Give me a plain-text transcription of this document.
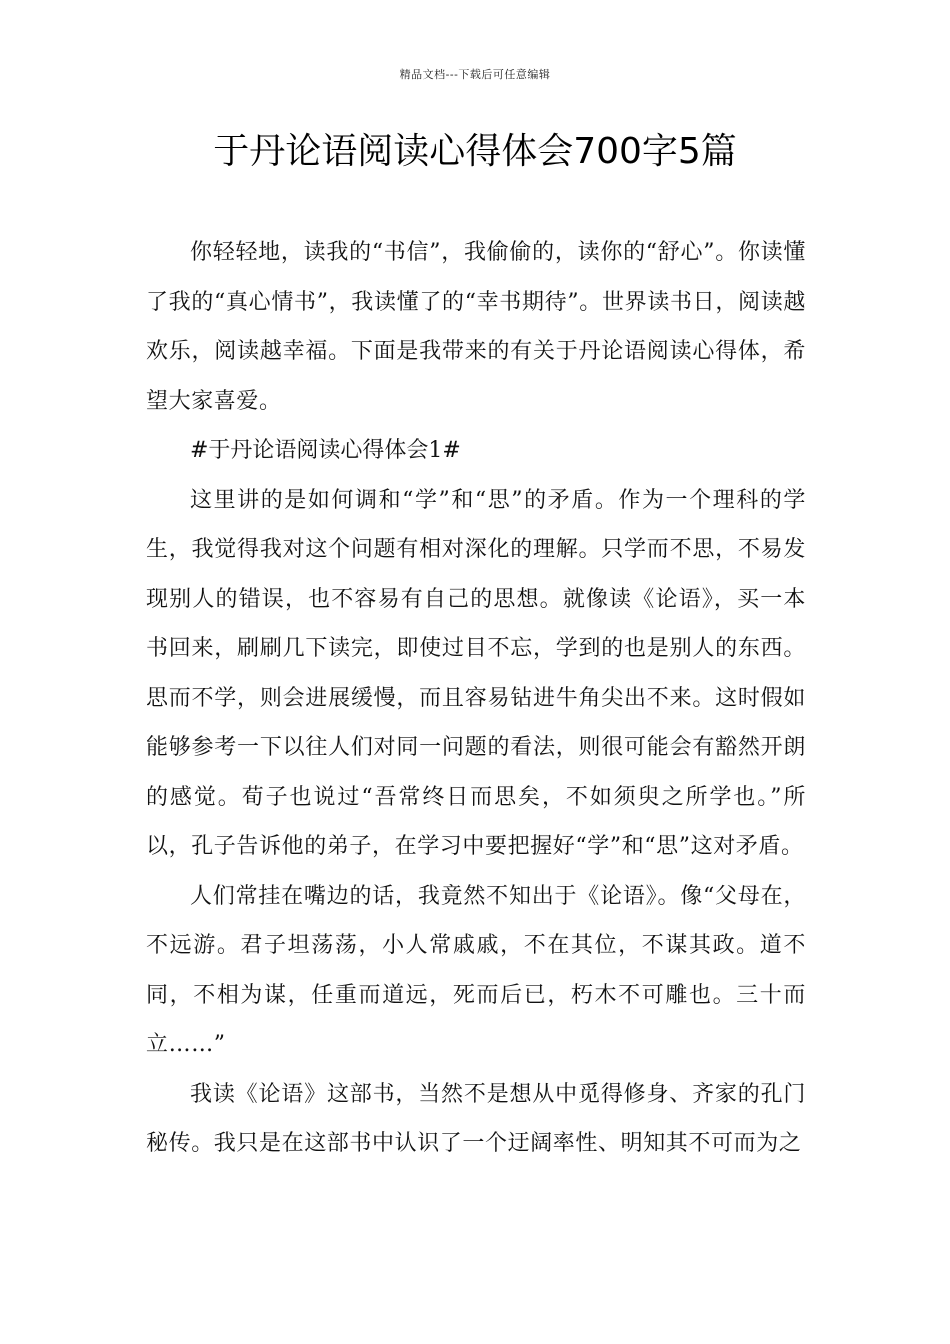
精品文档---下载后可任意编辑
于丹论语阅读心得体会700字5篇

你轻轻地，读我的“书信”，我偷偷的，读你的“舒心”。你读懂了我的“真心情书”，我读懂了的“幸书期待”。世界读书日，阅读越欢乐，阅读越幸福。下面是我带来的有关于丹论语阅读心得体，希望大家喜爱。

#于丹论语阅读心得体会1#

这里讲的是如何调和“学”和“思”的矛盾。作为一个理科的学生，我觉得我对这个问题有相对深化的理解。只学而不思，不易发现别人的错误，也不容易有自己的思想。就像读《论语》，买一本书回来，刷刷几下读完，即使过目不忘，学到的也是别人的东西。思而不学，则会进展缓慢，而且容易钻进牛角尖出不来。这时假如能够参考一下以往人们对同一问题的看法，则很可能会有豁然开朗的感觉。荀子也说过“吾常终日而思矣，不如须臾之所学也。”所以，孔子告诉他的弟子，在学习中要把握好“学”和“思”这对矛盾。

人们常挂在嘴边的话，我竟然不知出于《论语》。像“父母在，不远游。君子坦荡荡，小人常戚戚，不在其位，不谋其政。道不同，不相为谋，任重而道远，死而后已，朽木不可雕也。三十而立……”

我读《论语》这部书，当然不是想从中觅得修身、齐家的孔门秘传。我只是在这部书中认识了一个迂阔率性、明知其不可而为之
